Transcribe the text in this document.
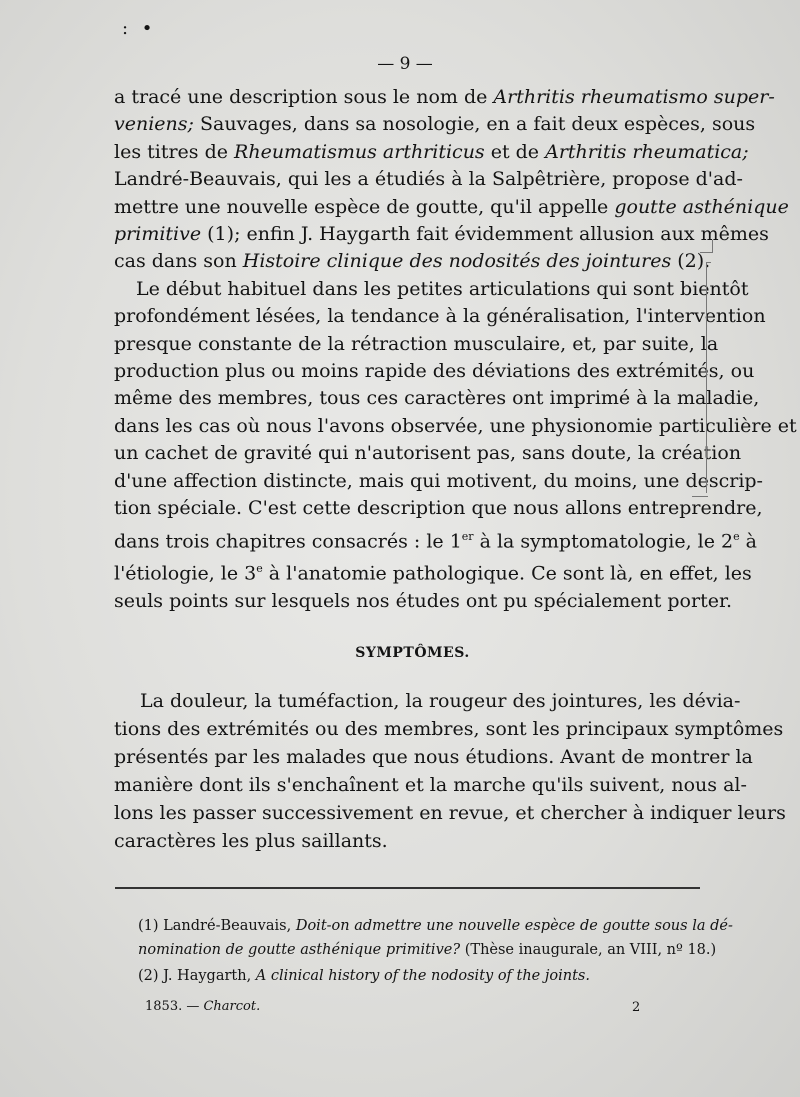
: •
— 9 —

a tracé une description sous le nom de Arthritis rheumatismo super-
veniens; Sauvages, dans sa nosologie, en a fait deux espèces, sous
les titres de Rheumatismus arthriticus et de Arthritis rheumatica;
Landré-Beauvais, qui les a étudiés à la Salpêtrière, propose d'ad-
mettre une nouvelle espèce de goutte, qu'il appelle goutte asthénique
primitive (1); enfin J. Haygarth fait évidemment allusion aux mêmes
cas dans son Histoire clinique des nodosités des jointures (2).

Le début habituel dans les petites articulations qui sont bientôt
profondément lésées, la tendance à la généralisation, l'intervention
presque constante de la rétraction musculaire, et, par suite, la
production plus ou moins rapide des déviations des extrémités, ou
même des membres, tous ces caractères ont imprimé à la maladie,
dans les cas où nous l'avons observée, une physionomie particulière et
un cachet de gravité qui n'autorisent pas, sans doute, la création
d'une affection distincte, mais qui motivent, du moins, une descrip-
tion spéciale. C'est cette description que nous allons entreprendre,
dans trois chapitres consacrés : le 1er à la symptomatologie, le 2e à
l'étiologie, le 3e à l'anatomie pathologique. Ce sont là, en effet, les
seuls points sur lesquels nos études ont pu spécialement porter.

SYMPTÔMES.
La douleur, la tuméfaction, la rougeur des jointures, les dévia-
tions des extrémités ou des membres, sont les principaux symptômes
présentés par les malades que nous étudions. Avant de montrer la
manière dont ils s'enchaînent et la marche qu'ils suivent, nous al-
lons les passer successivement en revue, et chercher à indiquer leurs
caractères les plus saillants.
(1) Landré-Beauvais, Doit-on admettre une nouvelle espèce de goutte sous la dé-
nomination de goutte asthénique primitive? (Thèse inaugurale, an VIII, nº 18.)
(2) J. Haygarth, A clinical history of the nodosity of the joints.
1853. — Charcot.	2
